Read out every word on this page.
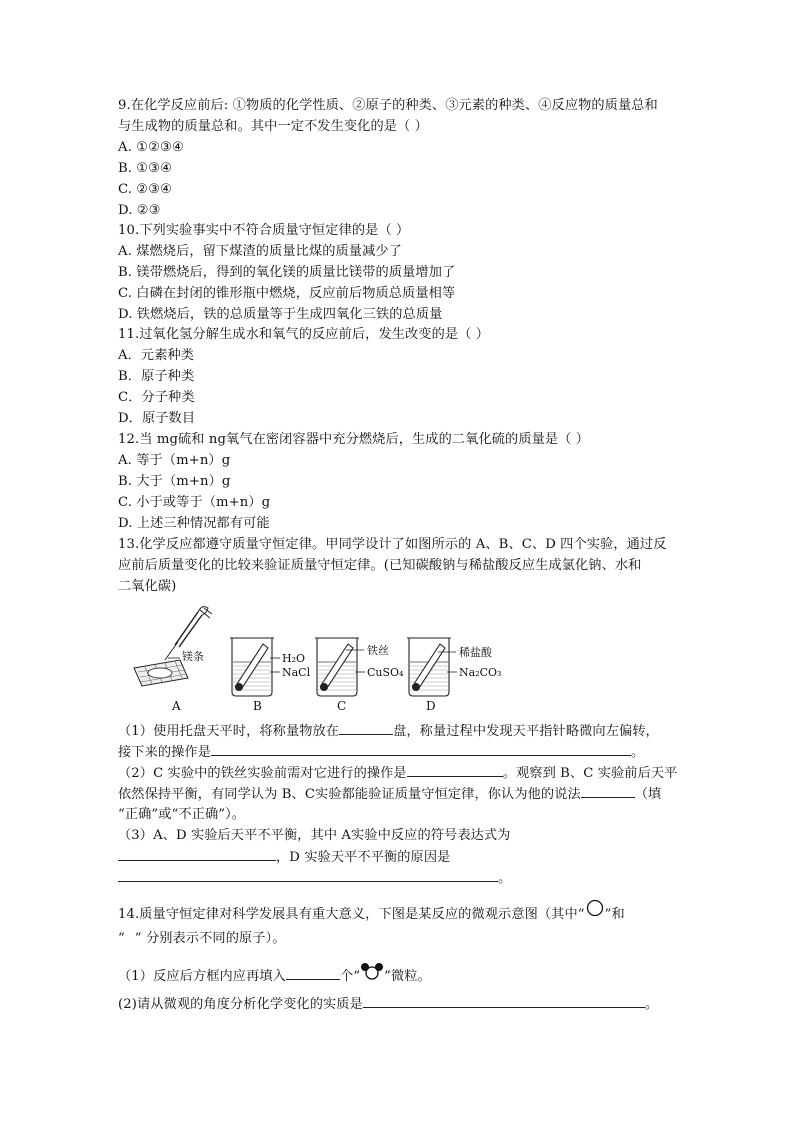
9.在化学反应前后: ①物质的化学性质、②原子的种类、③元素的种类、④反应物的质量总和
与生成物的质量总和。其中一定不发生变化的是（ ）
A. ①②③④
B. ①③④
C. ②③④
D. ②③
10.下列实验事实中不符合质量守恒定律的是（ ）
A. 煤燃烧后，留下煤渣的质量比煤的质量减少了
B. 镁带燃烧后，得到的氧化镁的质量比镁带的质量增加了
C. 白磷在封闭的锥形瓶中燃烧，反应前后物质总质量相等
D. 铁燃烧后，铁的总质量等于生成四氧化三铁的总质量
11.过氧化氢分解生成水和氧气的反应前后，发生改变的是（ ）
A．元素种类
B．原子种类
C．分子种类
D．原子数目
12.当 mg硫和 ng氧气在密闭容器中充分燃烧后，生成的二氧化硫的质量是（ ）
A. 等于（m+n）g
B. 大于（m+n）g
C. 小于或等于（m+n）g
D. 上述三种情况都有可能
13.化学反应都遵守质量守恒定律。甲同学设计了如图所示的 A、B、C、D 四个实验，通过反
应前后质量变化的比较来验证质量守恒定律。(已知碳酸钠与稀盐酸反应生成氯化钠、水和
二氧化碳)
镁条	H₂O
NaCl
铁丝
CuSO₄
稀盐酸
Na₂CO₃
A	B	C	D
（1）使用托盘天平时，将称量物放在	盘，称量过程中发现天平指针略微向左偏转，
接下来的操作是	。
（2）C 实验中的铁丝实验前需对它进行的操作是	。观察到 B、C 实验前后天平
依然保持平衡，有同学认为 B、C实验都能验证质量守恒定律，你认为他的说法	（填
“正确”或“不正确”）。
（3）A、D 实验后天平不平衡，其中 A实验中反应的符号表达式为
，D 实验天平不平衡的原因是
。
14.质量守恒定律对科学发展具有重大意义，下图是某反应的微观示意图（其中“ ”和
“ ” 分别表示不同的原子）。
（1）反应后方框内应再填入	个“ ”微粒。
(2)请从微观的角度分析化学变化的实质是	。
